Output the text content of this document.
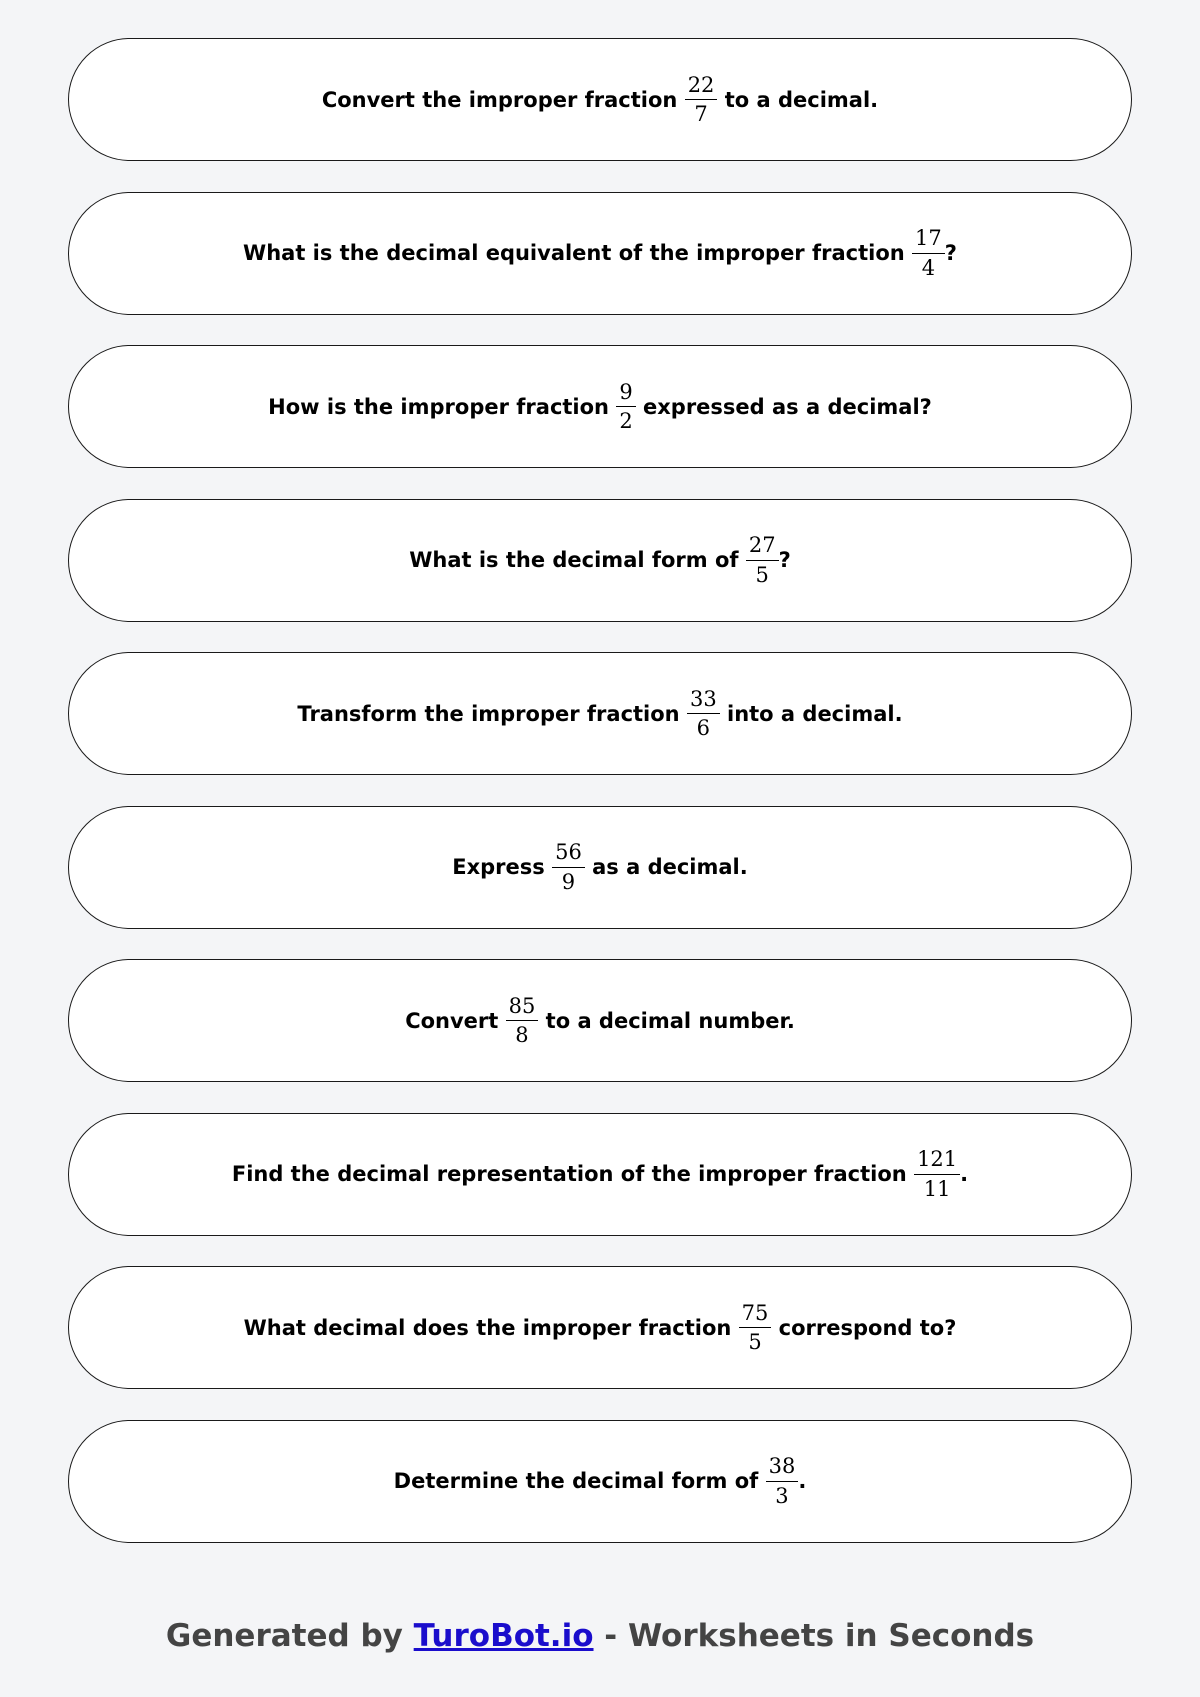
Convert the improper fraction $\frac{22}{7}$ to a decimal.
What is the decimal equivalent of the improper fraction $\frac{17}{4}$ ?
How is the improper fraction $\frac{9}{2}$ expressed as a decimal?
What is the decimal form of $\frac{27}{5}$ ?
Transform the improper fraction $\frac{33}{6}$ into a decimal.
Express $\frac{56}{9}$ as a decimal.
Convert $\frac{85}{8}$ to a decimal number.
Find the decimal representation of the improper fraction $\frac{121}{11}$ .
What decimal does the improper fraction $\frac{75}{5}$ correspond to?
Determine the decimal form of $\frac{38}{3}$ .
Generated by TuroBot.io - Worksheets in Seconds
